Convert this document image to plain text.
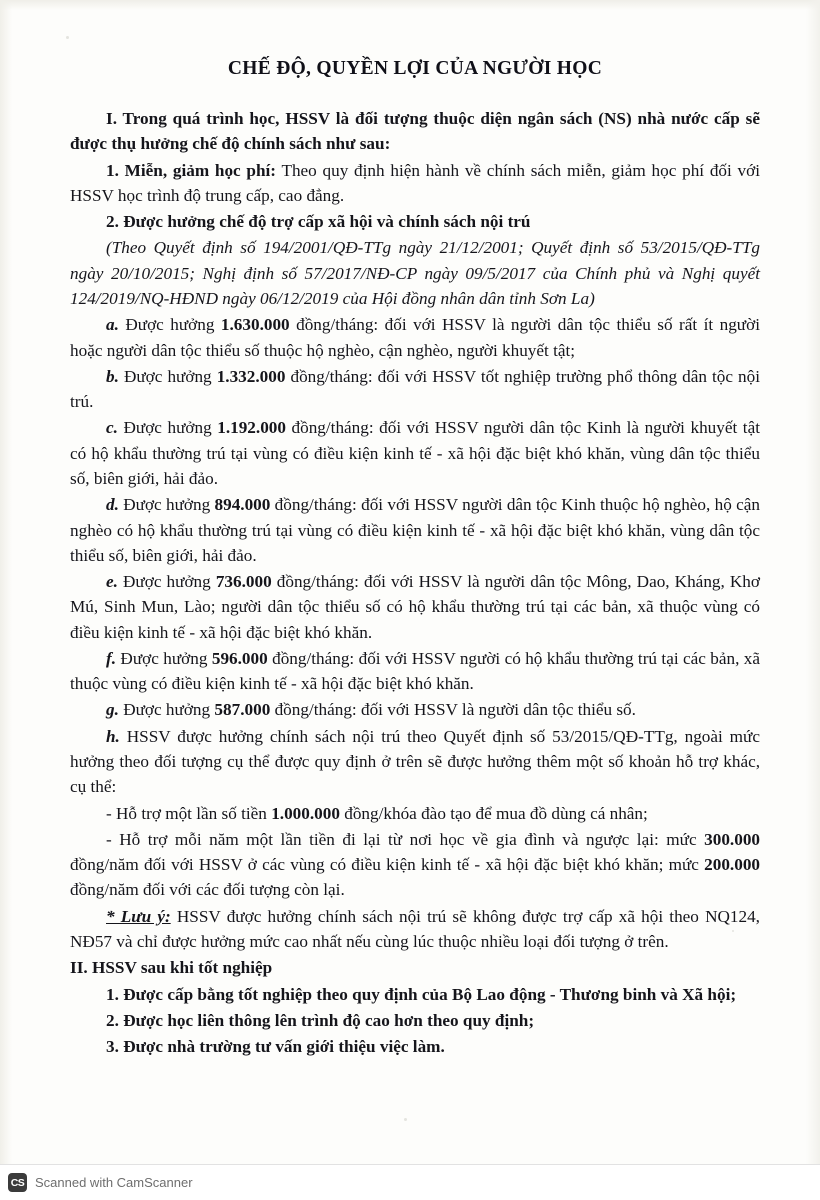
CHẾ ĐỘ, QUYỀN LỢI CỦA NGƯỜI HỌC

I. Trong quá trình học, HSSV là đối tượng thuộc diện ngân sách (NS) nhà nước cấp sẽ được thụ hưởng chế độ chính sách như sau:

1. Miễn, giảm học phí: Theo quy định hiện hành về chính sách miễn, giảm học phí đối với HSSV học trình độ trung cấp, cao đẳng.

2. Được hưởng chế độ trợ cấp xã hội và chính sách nội trú

(Theo Quyết định số 194/2001/QĐ-TTg ngày 21/12/2001; Quyết định số 53/2015/QĐ-TTg ngày 20/10/2015; Nghị định số 57/2017/NĐ-CP ngày 09/5/2017 của Chính phủ và Nghị quyết 124/2019/NQ-HĐND ngày 06/12/2019 của Hội đồng nhân dân tỉnh Sơn La)

a. Được hưởng 1.630.000 đồng/tháng: đối với HSSV là người dân tộc thiểu số rất ít người hoặc người dân tộc thiểu số thuộc hộ nghèo, cận nghèo, người khuyết tật;

b. Được hưởng 1.332.000 đồng/tháng: đối với HSSV tốt nghiệp trường phổ thông dân tộc nội trú.

c. Được hưởng 1.192.000 đồng/tháng: đối với HSSV người dân tộc Kinh là người khuyết tật có hộ khẩu thường trú tại vùng có điều kiện kinh tế - xã hội đặc biệt khó khăn, vùng dân tộc thiểu số, biên giới, hải đảo.

d. Được hưởng 894.000 đồng/tháng: đối với HSSV người dân tộc Kinh thuộc hộ nghèo, hộ cận nghèo có hộ khẩu thường trú tại vùng có điều kiện kinh tế - xã hội đặc biệt khó khăn, vùng dân tộc thiểu số, biên giới, hải đảo.

e. Được hưởng 736.000 đồng/tháng: đối với HSSV là người dân tộc Mông, Dao, Kháng, Khơ Mú, Sinh Mun, Lào; người dân tộc thiểu số có hộ khẩu thường trú tại các bản, xã thuộc vùng có điều kiện kinh tế - xã hội đặc biệt khó khăn.

f. Được hưởng 596.000 đồng/tháng: đối với HSSV người có hộ khẩu thường trú tại các bản, xã thuộc vùng có điều kiện kinh tế - xã hội đặc biệt khó khăn.

g. Được hưởng 587.000 đồng/tháng: đối với HSSV là người dân tộc thiểu số.

h. HSSV được hưởng chính sách nội trú theo Quyết định số 53/2015/QĐ-TTg, ngoài mức hưởng theo đối tượng cụ thể được quy định ở trên sẽ được hưởng thêm một số khoản hỗ trợ khác, cụ thể:

- Hỗ trợ một lần số tiền 1.000.000 đồng/khóa đào tạo để mua đồ dùng cá nhân;

- Hỗ trợ mỗi năm một lần tiền đi lại từ nơi học về gia đình và ngược lại: mức 300.000 đồng/năm đối với HSSV ở các vùng có điều kiện kinh tế - xã hội đặc biệt khó khăn; mức 200.000 đồng/năm đối với các đối tượng còn lại.

* Lưu ý: HSSV được hưởng chính sách nội trú sẽ không được trợ cấp xã hội theo NQ124, NĐ57 và chỉ được hưởng mức cao nhất nếu cùng lúc thuộc nhiều loại đối tượng ở trên.

II. HSSV sau khi tốt nghiệp

1. Được cấp bằng tốt nghiệp theo quy định của Bộ Lao động - Thương binh và Xã hội;

2. Được học liên thông lên trình độ cao hơn theo quy định;

3. Được nhà trường tư vấn giới thiệu việc làm.

CS Scanned with CamScanner
